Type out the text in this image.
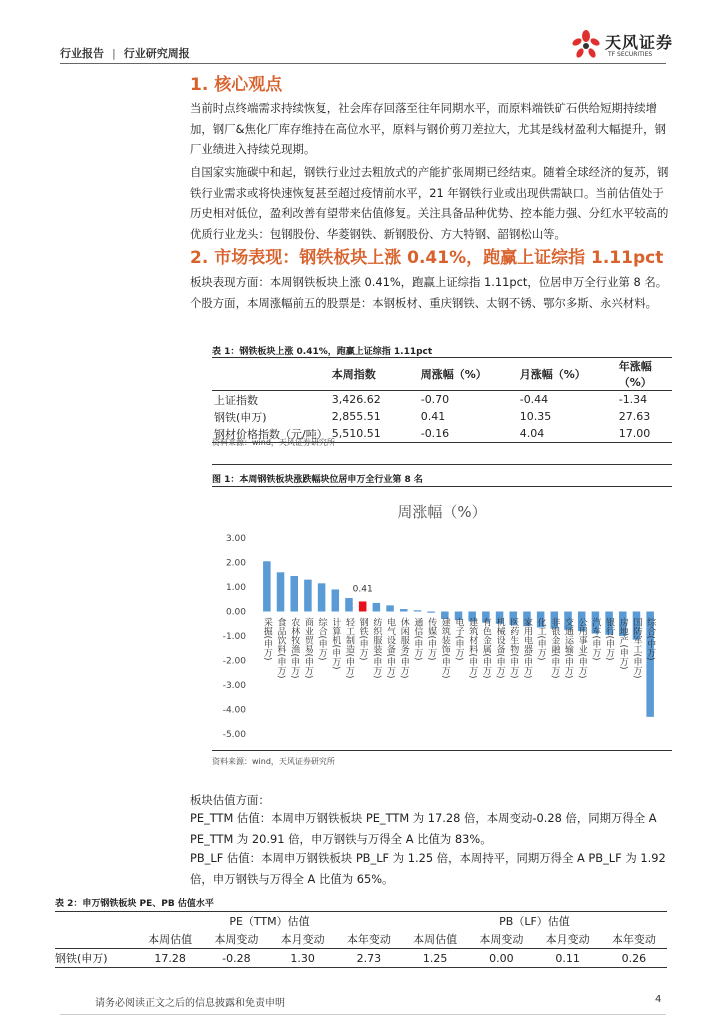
行业报告 | 行业研究周报
天风证券
TF SECURITIES
1. 核心观点
当前时点终端需求持续恢复，社会库存回落至往年同期水平，而原料端铁矿石供给短期持续增加，钢厂&焦化厂库存维持在高位水平，原料与钢价剪刀差拉大，尤其是线材盈利大幅提升，钢厂业绩进入持续兑现期。
自国家实施碳中和起，钢铁行业过去粗放式的产能扩张周期已经结束。随着全球经济的复苏，钢铁行业需求或将快速恢复甚至超过疫情前水平，21 年钢铁行业或出现供需缺口。当前估值处于历史相对低位，盈利改善有望带来估值修复。关注具备品种优势、控本能力强、分红水平较高的优质行业龙头：包钢股份、华菱钢铁、新钢股份、方大特钢、韶钢松山等。
2. 市场表现：钢铁板块上涨 0.41%，跑赢上证综指 1.11pct
板块表现方面：本周钢铁板块上涨 0.41%，跑赢上证综指 1.11pct，位居申万全行业第 8 名。个股方面，本周涨幅前五的股票是：本钢板材、重庆钢铁、太钢不锈、鄂尔多斯、永兴材料。
表 1：钢铁板块上涨 0.41%，跑赢上证综指 1.11pct
	本周指数	周涨幅（%）	月涨幅（%）	年涨幅（%）
上证指数	3,426.62	-0.70	-0.44	-1.34
钢铁(申万)	2,855.51	0.41	10.35	27.63
钢材价格指数（元/吨）	5,510.51	-0.16	4.04	17.00
资料来源：wind，天风证券研究所
图 1：本周钢铁板块涨跌幅块位居申万全行业第 8 名
周涨幅（%）
3.00
2.00
1.00
0.00
-1.00
-2.00
-3.00
-4.00
-5.00
采掘(申万) 食品饮料(申万) 农林牧渔(申万) 商业贸易(申万) 综合(申万) 计算机(申万) 轻工制造(申万) 钢铁(申万) 纺织服装(申万) 电气设备(申万) 休闲服务(申万) 通信(申万) 传媒(申万) 建筑装饰(申万) 电子(申万) 建筑材料(申万) 有色金属(申万) 机械设备(申万) 医药生物(申万) 家用电器(申万) 化工(申万) 非银金融(申万) 交通运输(申万) 公用事业(申万) 汽车(申万) 银行(申万) 房地产(申万) 国防军工(申万) 综合(中万)
0.41
资料来源：wind，天风证券研究所
板块估值方面：
PE_TTM 估值：本周申万钢铁板块 PE_TTM 为 17.28 倍，本周变动-0.28 倍，同期万得全 A PE_TTM 为 20.91 倍，申万钢铁与万得全 A 比值为 83%。
PB_LF 估值：本周申万钢铁板块 PB_LF 为 1.25 倍，本周持平，同期万得全 A PB_LF 为 1.92 倍，申万钢铁与万得全 A 比值为 65%。
表 2：申万钢铁板块 PE、PB 估值水平
	PE（TTM）估值				PB（LF）估值			
	本周估值	本周变动	本月变动	本年变动	本周估值	本周变动	本月变动	本年变动
钢铁(申万)	17.28	-0.28	1.30	2.73	1.25	0.00	0.11	0.26
请务必阅读正文之后的信息披露和免责申明	4
